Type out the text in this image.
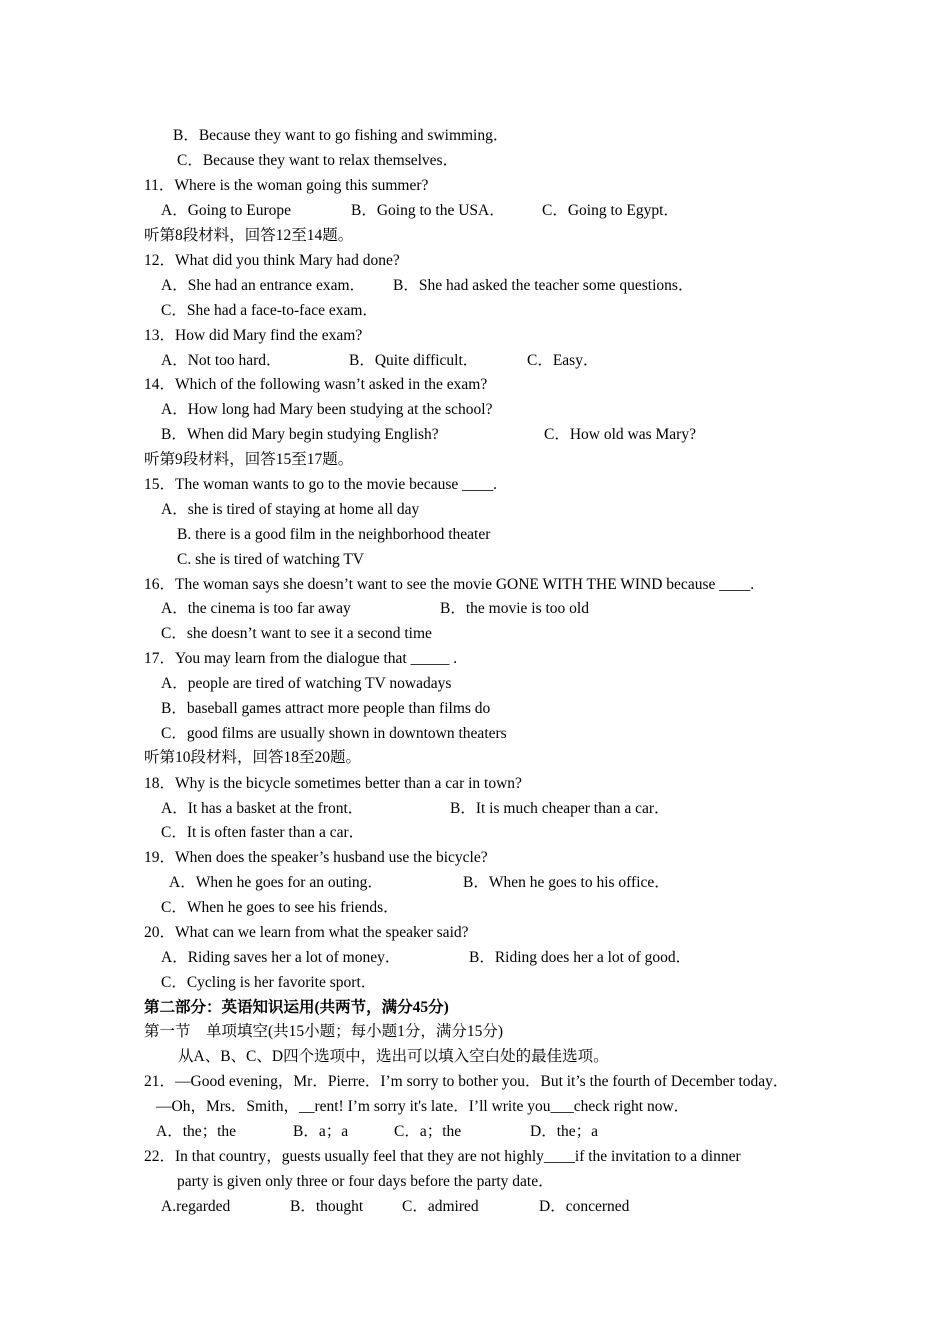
B．Because they want to go fishing and swimming．
C．Because they want to relax themselves．
11．Where is the woman going this summer?
A．Going to Europe	B．Going to the USA． C．Going to Egypt．
听第8段材料，回答12至14题。
12．What did you think Mary had done?
A．She had an entrance exam． B．She had asked the teacher some questions．
C．She had a face-to-face exam．
13．How did Mary find the exam?
A．Not too hard．	B．Quite difficult．	C．Easy．
14．Which of the following wasn’t asked in the exam?
A．How long had Mary been studying at the school?
B．When did Mary begin studying English?	C．How old was Mary?
听第9段材料，回答15至17题。
15．The woman wants to go to the movie because ____.
A．she is tired of staying at home all day
B. there is a good film in the neighborhood theater
C. she is tired of watching TV
16．The woman says she doesn’t want to see the movie GONE WITH THE WIND because ____.
A．the cinema is too far away	B．the movie is too old
C．she doesn’t want to see it a second time
17．You may learn from the dialogue that _____ .
A．people are tired of watching TV nowadays
B．baseball games attract more people than films do
C．good films are usually shown in downtown theaters
听第10段材料，回答18至20题。
18．Why is the bicycle sometimes better than a car in town?
A．It has a basket at the front．	B．It is much cheaper than a car．
C．It is often faster than a car．
19．When does the speaker’s husband use the bicycle?
A．When he goes for an outing．	B．When he goes to his office．
C．When he goes to see his friends．
20．What can we learn from what the speaker said?
A．Riding saves her a lot of money．	B．Riding does her a lot of good．
C．Cycling is her favorite sport．
第二部分：英语知识运用(共两节，满分45分)
第一节　单项填空(共15小题；每小题1分，满分15分)
从A、B、C、D四个选项中，选出可以填入空白处的最佳选项。
21．—Good evening，Mr．Pierre．I’m sorry to bother you．But it’s the fourth of December today．
—Oh，Mrs．Smith，__rent! I’m sorry it's late．I’ll write you___check right now．
A．the；the	B．a；a	C．a；the	D．the；a
22．In that country，guests usually feel that they are not highly____if the invitation to a dinner
party is given only three or four days before the party date．
A.regarded	B．thought	C．admired	D．concerned
